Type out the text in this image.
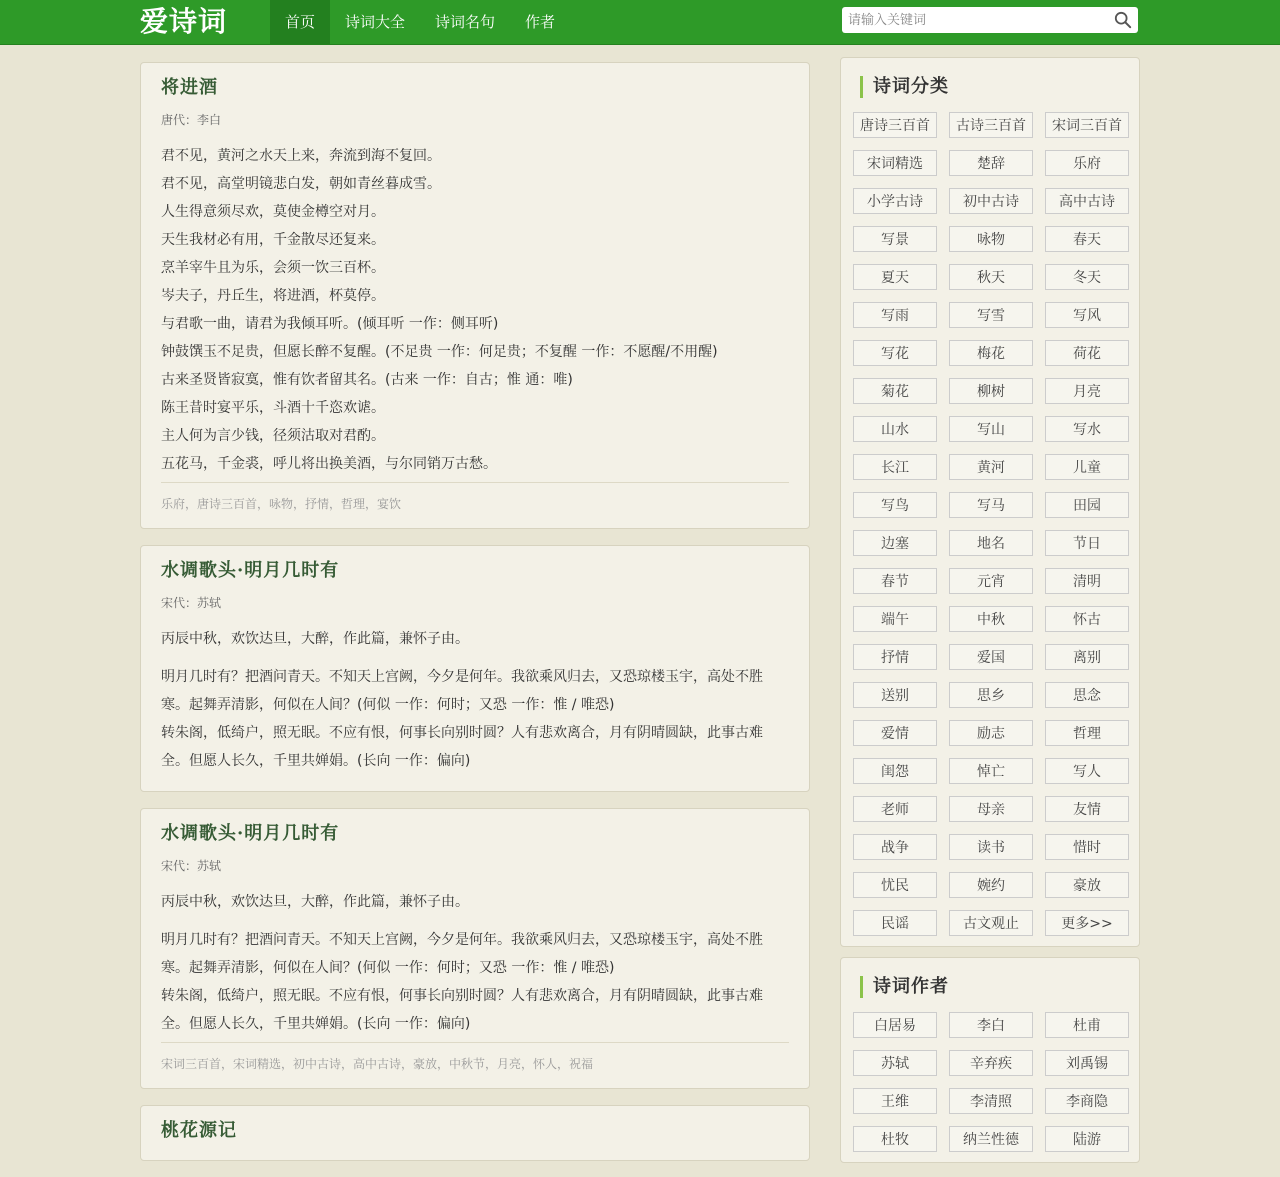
爱诗词	首页	诗词大全	诗词名句	作者
请输入关键词
将进酒
唐代：李白

君不见，黄河之水天上来，奔流到海不复回。

君不见，高堂明镜悲白发，朝如青丝暮成雪。

人生得意须尽欢，莫使金樽空对月。

天生我材必有用，千金散尽还复来。

烹羊宰牛且为乐，会须一饮三百杯。

岑夫子，丹丘生，将进酒，杯莫停。

与君歌一曲，请君为我倾耳听。(倾耳听 一作：侧耳听)

钟鼓馔玉不足贵，但愿长醉不复醒。(不足贵 一作：何足贵；不复醒 一作：不愿醒/不用醒)

古来圣贤皆寂寞，惟有饮者留其名。(古来 一作：自古；惟 通：唯)

陈王昔时宴平乐，斗酒十千恣欢谑。

主人何为言少钱，径须沽取对君酌。

五花马，千金裘，呼儿将出换美酒，与尔同销万古愁。

乐府，唐诗三百首，咏物，抒情，哲理，宴饮
水调歌头·明月几时有
宋代：苏轼

丙辰中秋，欢饮达旦，大醉，作此篇，兼怀子由。

明月几时有？把酒问青天。不知天上宫阙，今夕是何年。我欲乘风归去，又恐琼楼玉宇，高处不胜

寒。起舞弄清影，何似在人间？(何似 一作：何时；又恐 一作：惟 / 唯恐)

转朱阁，低绮户，照无眠。不应有恨，何事长向别时圆？人有悲欢离合，月有阴晴圆缺，此事古难

全。但愿人长久，千里共婵娟。(长向 一作：偏向)

水调歌头·明月几时有
宋代：苏轼

丙辰中秋，欢饮达旦，大醉，作此篇，兼怀子由。

明月几时有？把酒问青天。不知天上宫阙，今夕是何年。我欲乘风归去，又恐琼楼玉宇，高处不胜

寒。起舞弄清影，何似在人间？(何似 一作：何时；又恐 一作：惟 / 唯恐)

转朱阁，低绮户，照无眠。不应有恨，何事长向别时圆？人有悲欢离合，月有阴晴圆缺，此事古难

全。但愿人长久，千里共婵娟。(长向 一作：偏向)

宋词三百首，宋词精选，初中古诗，高中古诗，豪放，中秋节，月亮，怀人，祝福
桃花源记
诗词分类
唐诗三百首	古诗三百首	宋词三百首
宋词精选	楚辞	乐府
小学古诗	初中古诗	高中古诗
写景	咏物	春天
夏天	秋天	冬天
写雨	写雪	写风
写花	梅花	荷花
菊花	柳树	月亮
山水	写山	写水
长江	黄河	儿童
写鸟	写马	田园
边塞	地名	节日
春节	元宵	清明
端午	中秋	怀古
抒情	爱国	离别
送别	思乡	思念
爱情	励志	哲理
闺怨	悼亡	写人
老师	母亲	友情
战争	读书	惜时
忧民	婉约	豪放
民谣	古文观止	更多>>
诗词作者
白居易	李白	杜甫
苏轼	辛弃疾	刘禹锡
王维	李清照	李商隐
杜牧	纳兰性德	陆游
